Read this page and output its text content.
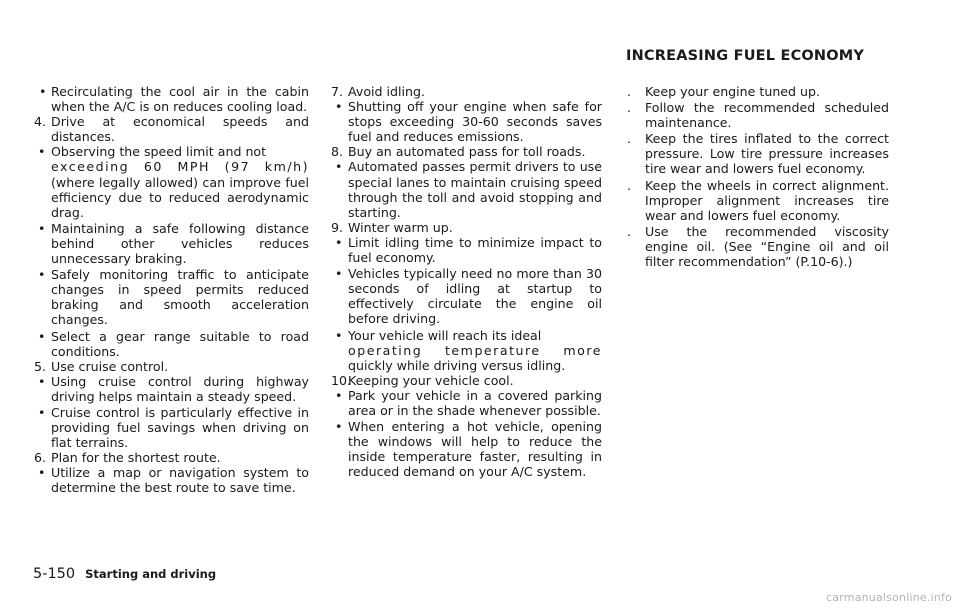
INCREASING FUEL ECONOMY
• Recirculating the cool air in the cabin when the A/C is on reduces cooling load.
4. Drive at economical speeds and distances.
• Observing the speed limit and not
exceeding 60 MPH (97 km/h)
(where legally allowed) can improve fuel efficiency due to reduced aerodynamic drag.
• Maintaining a safe following distance behind other vehicles reduces unnecessary braking.
• Safely monitoring traffic to anticipate changes in speed permits reduced braking and smooth acceleration changes.
• Select a gear range suitable to road conditions.
5. Use cruise control.
• Using cruise control during highway driving helps maintain a steady speed.
• Cruise control is particularly effective in providing fuel savings when driving on flat terrains.
6. Plan for the shortest route.
• Utilize a map or navigation system to determine the best route to save time.
7. Avoid idling.
• Shutting off your engine when safe for stops exceeding 30-60 seconds saves fuel and reduces emissions.
8. Buy an automated pass for toll roads.
• Automated passes permit drivers to use special lanes to maintain cruising speed through the toll and avoid stopping and starting.
9. Winter warm up.
• Limit idling time to minimize impact to fuel economy.
• Vehicles typically need no more than 30 seconds of idling at startup to effectively circulate the engine oil before driving.
• Your vehicle will reach its ideal
operating temperature more
quickly while driving versus idling.
10.
Keeping your vehicle cool.
• Park your vehicle in a covered parking area or in the shade whenever possible.
• When entering a hot vehicle, opening the windows will help to reduce the inside temperature faster, resulting in reduced demand on your A/C system.
. Keep your engine tuned up.
. Follow the recommended scheduled maintenance.
. Keep the tires inflated to the correct pressure. Low tire pressure increases tire wear and lowers fuel economy.
. Keep the wheels in correct alignment. Improper alignment increases tire wear and lowers fuel economy.
. Use the recommended viscosity engine oil. (See “Engine oil and oil filter recommendation” (P.10-6).)
5-150 Starting and driving
carmanualsonline.info
